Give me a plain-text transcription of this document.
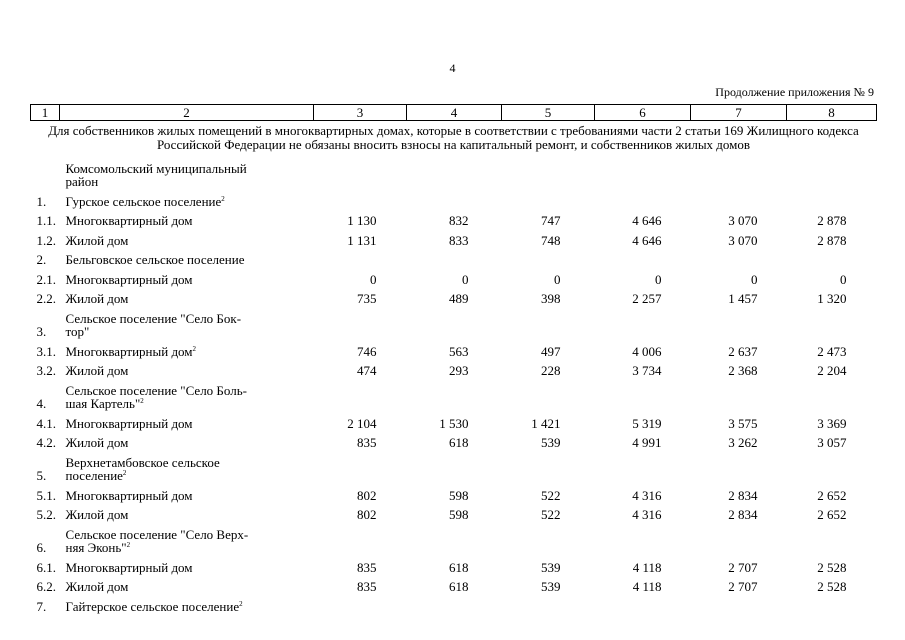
4
Продолжение приложения № 9
1	2	3	4	5	6	7	8
Для собственников жилых помещений в многоквартирных домах, которые в соответствии с требованиями части 2 статьи 169 Жилищного кодекса Российской Федерации не обязаны вносить взносы на капитальный ремонт, и собственников жилых домов							
	Комсомольский муниципальный
район						
1.	Гурское сельское поселение$^2$						
1.1.	Многоквартирный дом	1 130	832	747	4 646	3 070	2 878
1.2.	Жилой дом	1 131	833	748	4 646	3 070	2 878
2.	Бельговское сельское поселение						
2.1.	Многоквартирный дом	0	0	0	0	0	0
2.2.	Жилой дом	735	489	398	2 257	1 457	1 320
3.	Сельское поселение "Село Бок-
тор"						
3.1.	Многоквартирный дом$^2$	746	563	497	4 006	2 637	2 473
3.2.	Жилой дом	474	293	228	3 734	2 368	2 204
4.	Сельское поселение "Село Боль-
шая Картель"$^2$						
4.1.	Многоквартирный дом	2 104	1 530	1 421	5 319	3 575	3 369
4.2.	Жилой дом	835	618	539	4 991	3 262	3 057
5.	Верхнетамбовское сельское
поселение$^2$						
5.1.	Многоквартирный дом	802	598	522	4 316	2 834	2 652
5.2.	Жилой дом	802	598	522	4 316	2 834	2 652
6.	Сельское поселение "Село Верх-
няя Эконь"$^2$						
6.1.	Многоквартирный дом	835	618	539	4 118	2 707	2 528
6.2.	Жилой дом	835	618	539	4 118	2 707	2 528
7.	Гайтерское сельское поселение$^2$						
